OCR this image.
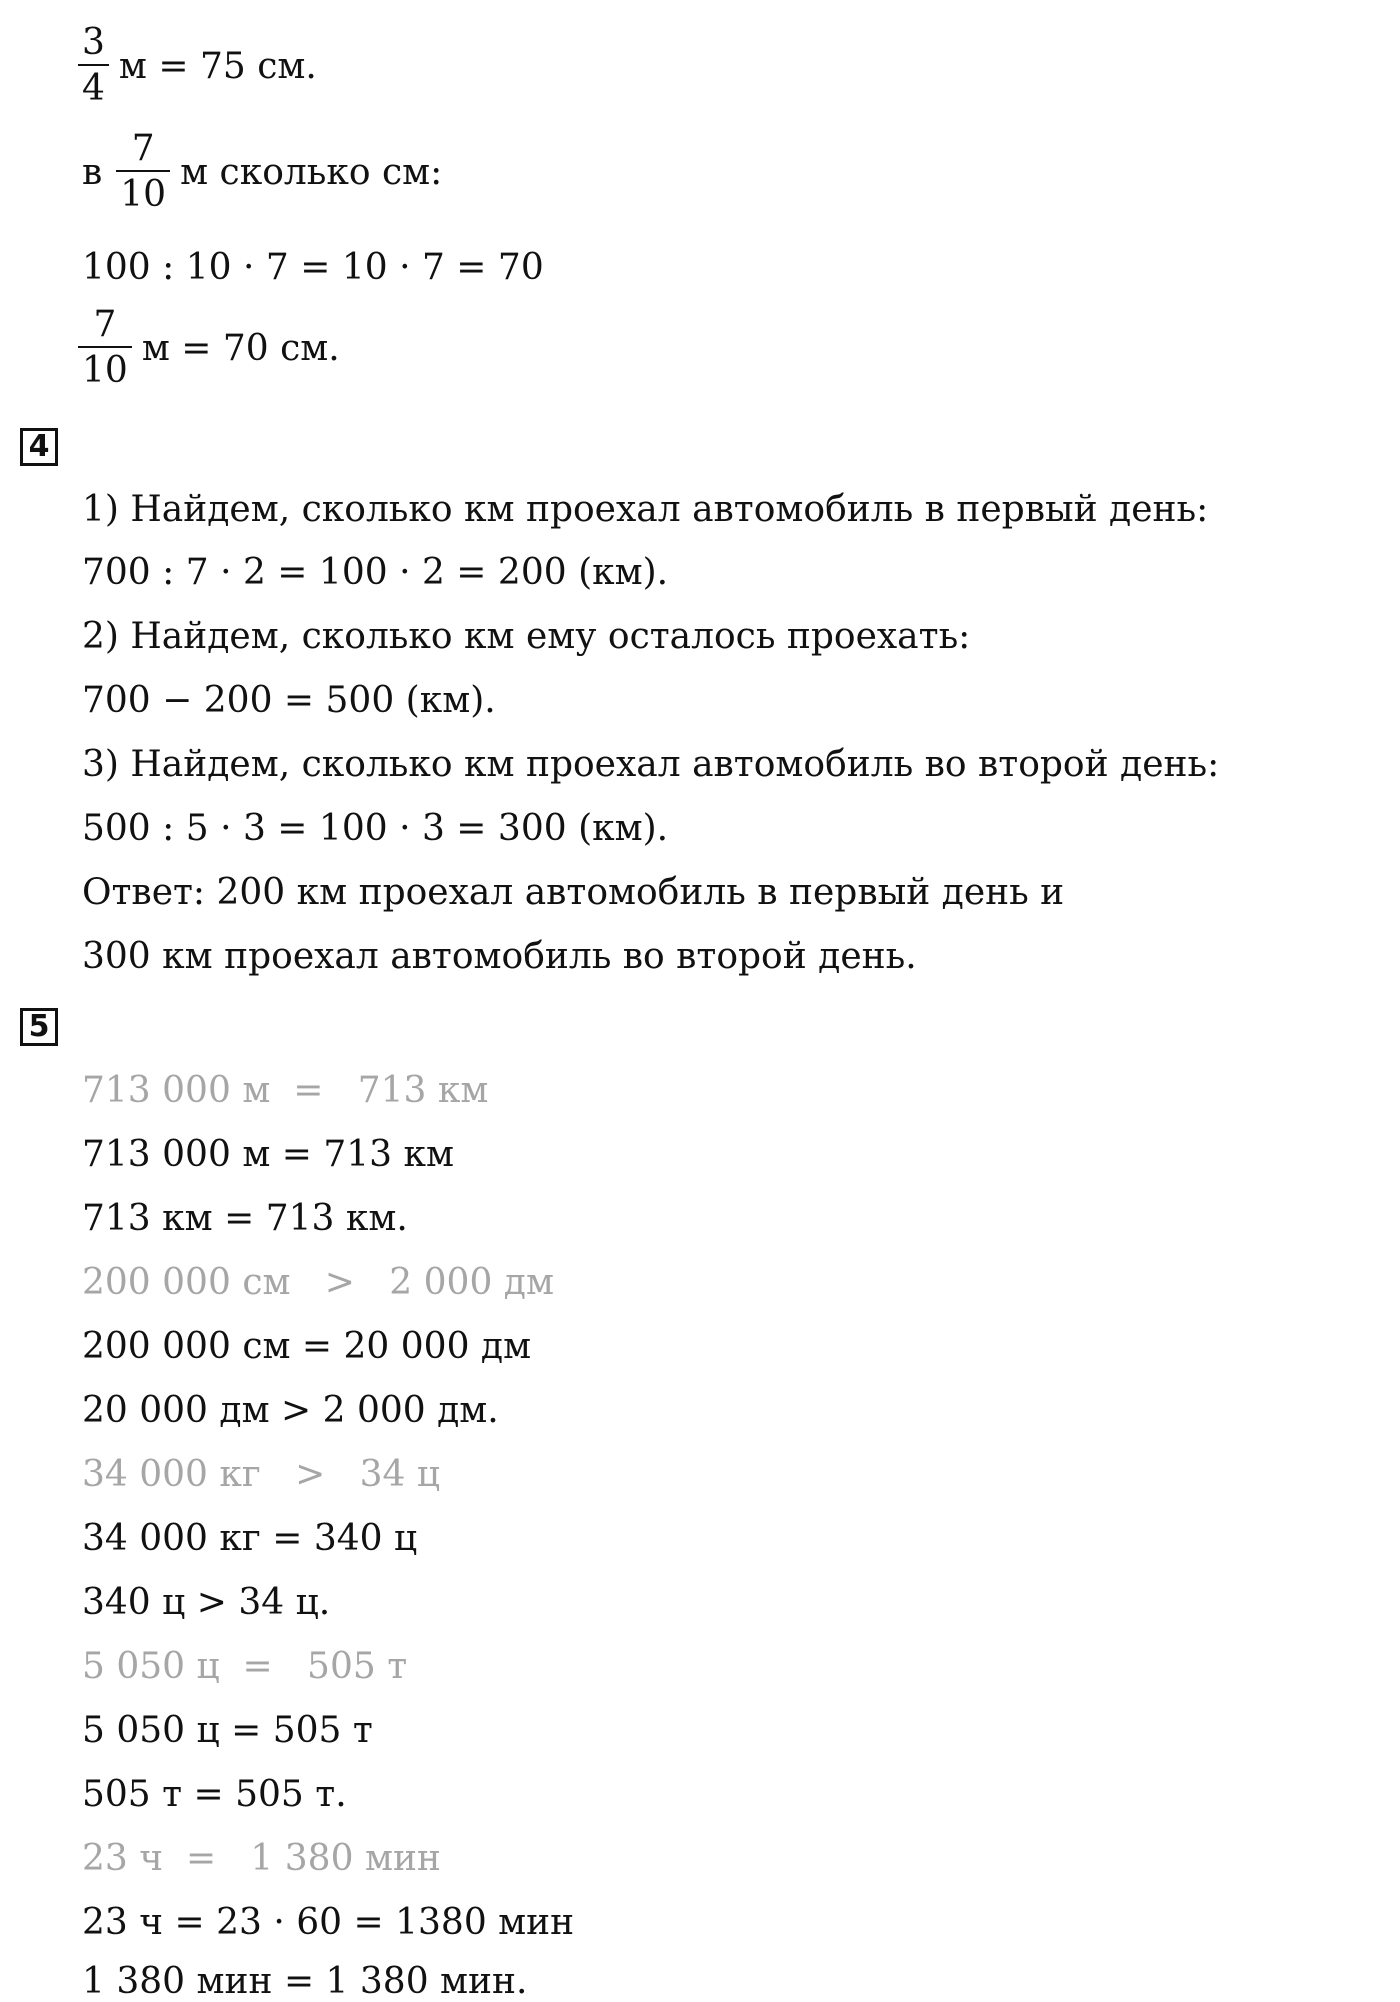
$\frac{3}{4}$ м = 75 см.
в $\frac{7}{10}$ м сколько см:
100 : 10 · 7 = 10 · 7 = 70
$\frac{7}{10}$ м = 70 см.
4
1) Найдем, сколько км проехал автомобиль в первый день:
700 : 7 · 2 = 100 · 2 = 200 (км).
2) Найдем, сколько км ему осталось проехать:
700 − 200 = 500 (км).
3) Найдем, сколько км проехал автомобиль во второй день:
500 : 5 · 3 = 100 · 3 = 300 (км).
Ответ: 200 км проехал автомобиль в первый день и
300 км проехал автомобиль во второй день.
5
713 000 м  =   713 км
713 000 м = 713 км
713 км = 713 км.
200 000 см   >   2 000 дм
200 000 см = 20 000 дм
20 000 дм > 2 000 дм.
34 000 кг   >   34 ц
34 000 кг = 340 ц
340 ц > 34 ц.
5 050 ц  =   505 т
5 050 ц = 505 т
505 т = 505 т.
23 ч  =   1 380 мин
23 ч = 23 · 60 = 1380 мин
1 380 мин = 1 380 мин.
